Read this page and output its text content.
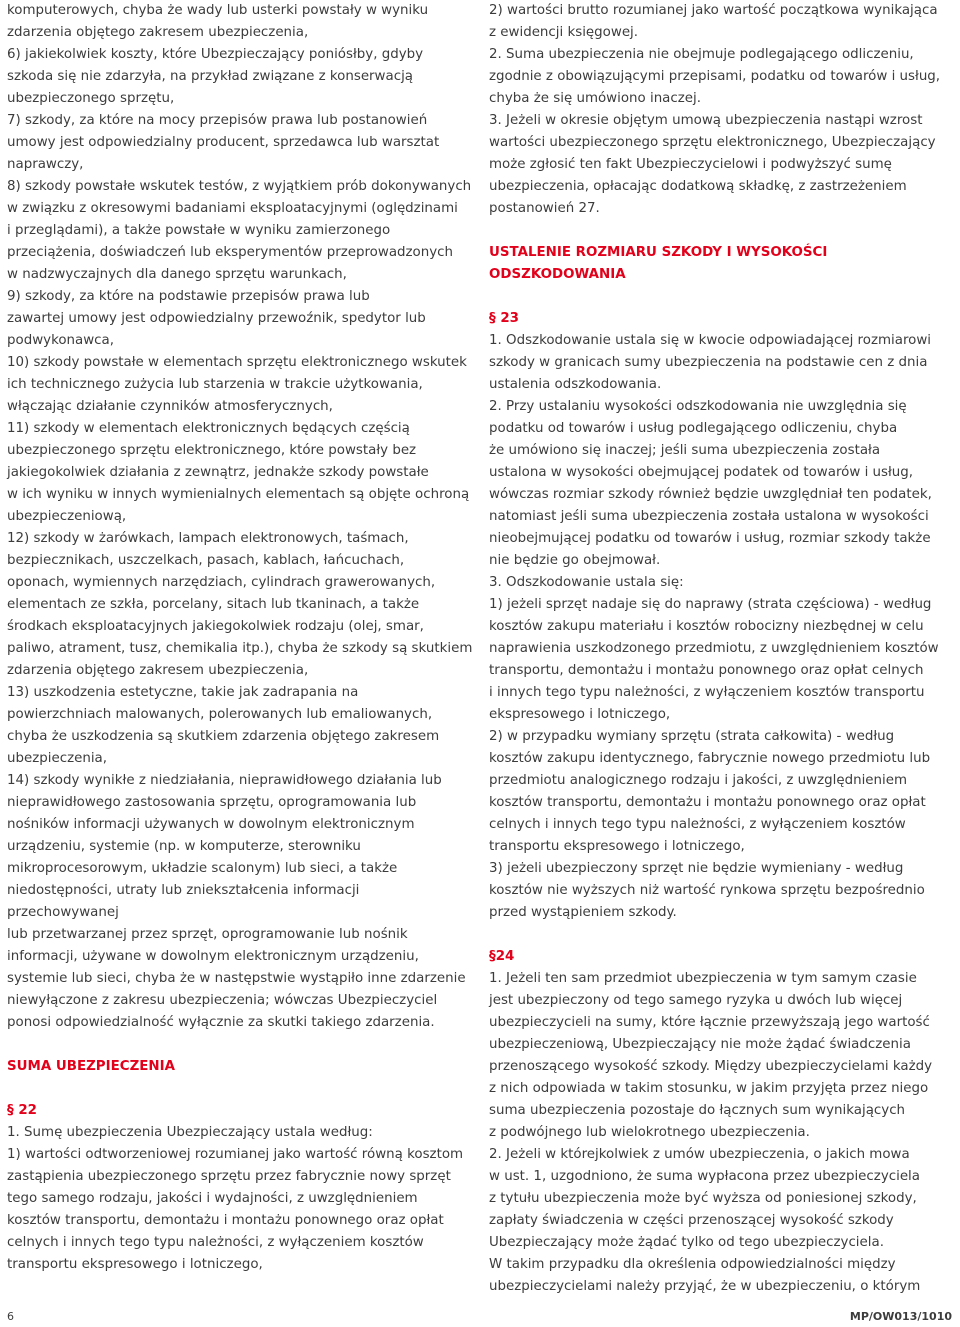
komputerowych, chyba że wady lub usterki powstały w wyniku
zdarzenia objętego zakresem ubezpieczenia,
6) jakiekolwiek koszty, które Ubezpieczający poniósłby, gdyby
szkoda się nie zdarzyła, na przykład związane z konserwacją
ubezpieczonego sprzętu,
7) szkody, za które na mocy przepisów prawa lub postanowień
umowy jest odpowiedzialny producent, sprzedawca lub warsztat
naprawczy,
8) szkody powstałe wskutek testów, z wyjątkiem prób dokonywanych
w związku z okresowymi badaniami eksploatacyjnymi (oględzinami
i przeglądami), a także powstałe w wyniku zamierzonego
przeciążenia, doświadczeń lub eksperymentów przeprowadzonych
w nadzwyczajnych dla danego sprzętu warunkach,
9) szkody, za które na podstawie przepisów prawa lub
zawartej umowy jest odpowiedzialny przewoźnik, spedytor lub
podwykonawca,
10) szkody powstałe w elementach sprzętu elektronicznego wskutek
ich technicznego zużycia lub starzenia w trakcie użytkowania,
włączając działanie czynników atmosferycznych,
11) szkody w elementach elektronicznych będących częścią
ubezpieczonego sprzętu elektronicznego, które powstały bez
jakiegokolwiek działania z zewnątrz, jednakże szkody powstałe
w ich wyniku w innych wymienialnych elementach są objęte ochroną
ubezpieczeniową,
12) szkody w żarówkach, lampach elektronowych, taśmach,
bezpiecznikach, uszczelkach, pasach, kablach, łańcuchach,
oponach, wymiennych narzędziach, cylindrach grawerowanych,
elementach ze szkła, porcelany, sitach lub tkaninach, a także
środkach eksploatacyjnych jakiegokolwiek rodzaju (olej, smar,
paliwo, atrament, tusz, chemikalia itp.), chyba że szkody są skutkiem
zdarzenia objętego zakresem ubezpieczenia,
13) uszkodzenia estetyczne, takie jak zadrapania na
powierzchniach malowanych, polerowanych lub emaliowanych,
chyba że uszkodzenia są skutkiem zdarzenia objętego zakresem
ubezpieczenia,
14) szkody wynikłe z niedziałania, nieprawidłowego działania lub
nieprawidłowego zastosowania sprzętu, oprogramowania lub
nośników informacji używanych w dowolnym elektronicznym
urządzeniu, systemie (np. w komputerze, sterowniku
mikroprocesorowym, układzie scalonym) lub sieci, a także
niedostępności, utraty lub zniekształcenia informacji przechowywanej
lub przetwarzanej przez sprzęt, oprogramowanie lub nośnik
informacji, używane w dowolnym elektronicznym urządzeniu,
systemie lub sieci, chyba że w następstwie wystąpiło inne zdarzenie
niewyłączone z zakresu ubezpieczenia; wówczas Ubezpieczyciel
ponosi odpowiedzialność wyłącznie za skutki takiego zdarzenia.

SUMA UBEZPIECZENIA

§ 22

1. Sumę ubezpieczenia Ubezpieczający ustala według:
1) wartości odtworzeniowej rozumianej jako wartość równą kosztom
zastąpienia ubezpieczonego sprzętu przez fabrycznie nowy sprzęt
tego samego rodzaju, jakości i wydajności, z uwzględnieniem
kosztów transportu, demontażu i montażu ponownego oraz opłat
celnych i innych tego typu należności, z wyłączeniem kosztów
transportu ekspresowego i lotniczego,

2) wartości brutto rozumianej jako wartość początkowa wynikająca
z ewidencji księgowej.
2. Suma ubezpieczenia nie obejmuje podlegającego odliczeniu,
zgodnie z obowiązującymi przepisami, podatku od towarów i usług,
chyba że się umówiono inaczej.
3. Jeżeli w okresie objętym umową ubezpieczenia nastąpi wzrost
wartości ubezpieczonego sprzętu elektronicznego, Ubezpieczający
może zgłosić ten fakt Ubezpieczycielowi i podwyższyć sumę
ubezpieczenia, opłacając dodatkową składkę, z zastrzeżeniem
postanowień 27.

USTALENIE ROZMIARU SZKODY I WYSOKOŚCI ODSZKODOWANIA

§ 23

1. Odszkodowanie ustala się w kwocie odpowiadającej rozmiarowi
szkody w granicach sumy ubezpieczenia na podstawie cen z dnia
ustalenia odszkodowania.
2. Przy ustalaniu wysokości odszkodowania nie uwzględnia się
podatku od towarów i usług podlegającego odliczeniu, chyba
że umówiono się inaczej; jeśli suma ubezpieczenia została
ustalona w wysokości obejmującej podatek od towarów i usług,
wówczas rozmiar szkody również będzie uwzględniał ten podatek,
natomiast jeśli suma ubezpieczenia została ustalona w wysokości
nieobejmującej podatku od towarów i usług, rozmiar szkody także
nie będzie go obejmował.
3. Odszkodowanie ustala się:
1) jeżeli sprzęt nadaje się do naprawy (strata częściowa) - według
kosztów zakupu materiału i kosztów robocizny niezbędnej w celu
naprawienia uszkodzonego przedmiotu, z uwzględnieniem kosztów
transportu, demontażu i montażu ponownego oraz opłat celnych
i innych tego typu należności, z wyłączeniem kosztów transportu
ekspresowego i lotniczego,
2) w przypadku wymiany sprzętu (strata całkowita) - według
kosztów zakupu identycznego, fabrycznie nowego przedmiotu lub
przedmiotu analogicznego rodzaju i jakości, z uwzględnieniem
kosztów transportu, demontażu i montażu ponownego oraz opłat
celnych i innych tego typu należności, z wyłączeniem kosztów
transportu ekspresowego i lotniczego,
3) jeżeli ubezpieczony sprzęt nie będzie wymieniany - według
kosztów nie wyższych niż wartość rynkowa sprzętu bezpośrednio
przed wystąpieniem szkody.

§24

1. Jeżeli ten sam przedmiot ubezpieczenia w tym samym czasie
jest ubezpieczony od tego samego ryzyka u dwóch lub więcej
ubezpieczycieli na sumy, które łącznie przewyższają jego wartość
ubezpieczeniową, Ubezpieczający nie może żądać świadczenia
przenoszącego wysokość szkody. Między ubezpieczycielami każdy
z nich odpowiada w takim stosunku, w jakim przyjęta przez niego
suma ubezpieczenia pozostaje do łącznych sum wynikających
z podwójnego lub wielokrotnego ubezpieczenia.
2. Jeżeli w którejkolwiek z umów ubezpieczenia, o jakich mowa
w ust. 1, uzgodniono, że suma wypłacona przez ubezpieczyciela
z tytułu ubezpieczenia może być wyższa od poniesionej szkody,
zapłaty świadczenia w części przenoszącej wysokość szkody
Ubezpieczający może żądać tylko od tego ubezpieczyciela.
W takim przypadku dla określenia odpowiedzialności między
ubezpieczycielami należy przyjąć, że w ubezpieczeniu, o którym

6	MP/OW013/1010
